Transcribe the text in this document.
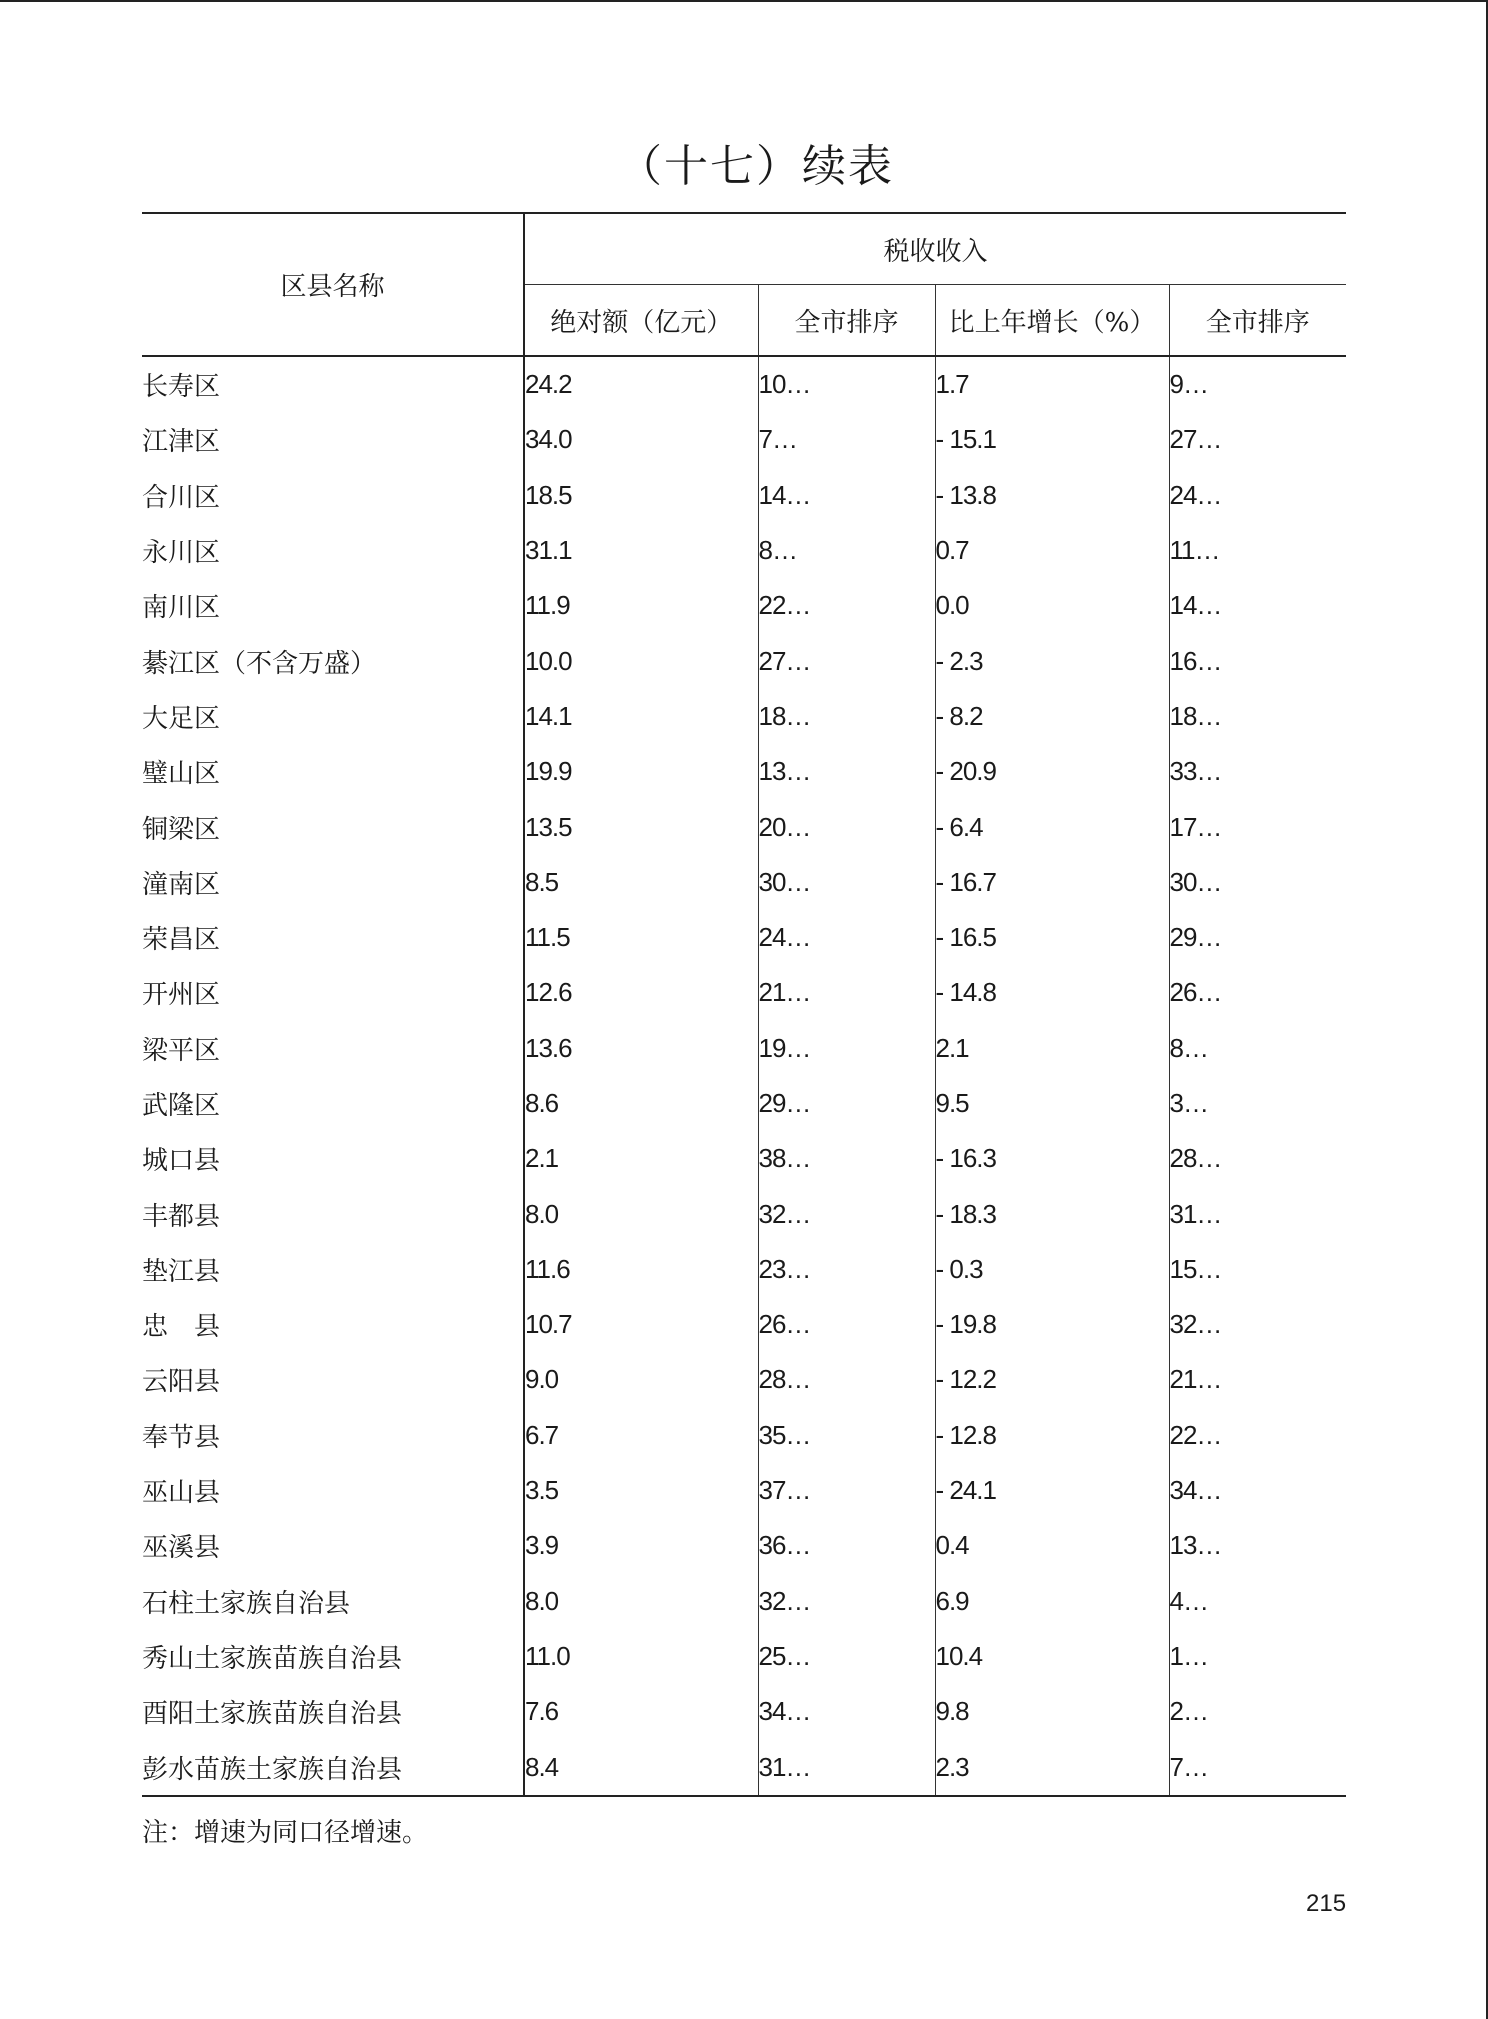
（十七）续表
区县名称	税收收入			
	绝对额（亿元）	全市排序	比上年增长（%）	全市排序
长寿区	24.2	10…	1.7	9…
江津区	34.0	7…	- 15.1	27…
合川区	18.5	14…	- 13.8	24…
永川区	31.1	8…	0.7	11…
南川区	11.9	22…	0.0	14…
綦江区（不含万盛）	10.0	27…	- 2.3	16…
大足区	14.1	18…	- 8.2	18…
璧山区	19.9	13…	- 20.9	33…
铜梁区	13.5	20…	- 6.4	17…
潼南区	8.5	30…	- 16.7	30…
荣昌区	11.5	24…	- 16.5	29…
开州区	12.6	21…	- 14.8	26…
梁平区	13.6	19…	2.1	8…
武隆区	8.6	29…	9.5	3…
城口县	2.1	38…	- 16.3	28…
丰都县	8.0	32…	- 18.3	31…
垫江县	11.6	23…	- 0.3	15…
忠　县	10.7	26…	- 19.8	32…
云阳县	9.0	28…	- 12.2	21…
奉节县	6.7	35…	- 12.8	22…
巫山县	3.5	37…	- 24.1	34…
巫溪县	3.9	36…	0.4	13…
石柱土家族自治县	8.0	32…	6.9	4…
秀山土家族苗族自治县	11.0	25…	10.4	1…
酉阳土家族苗族自治县	7.6	34…	9.8	2…
彭水苗族土家族自治县	8.4	31…	2.3	7…
注：增速为同口径增速。
215
